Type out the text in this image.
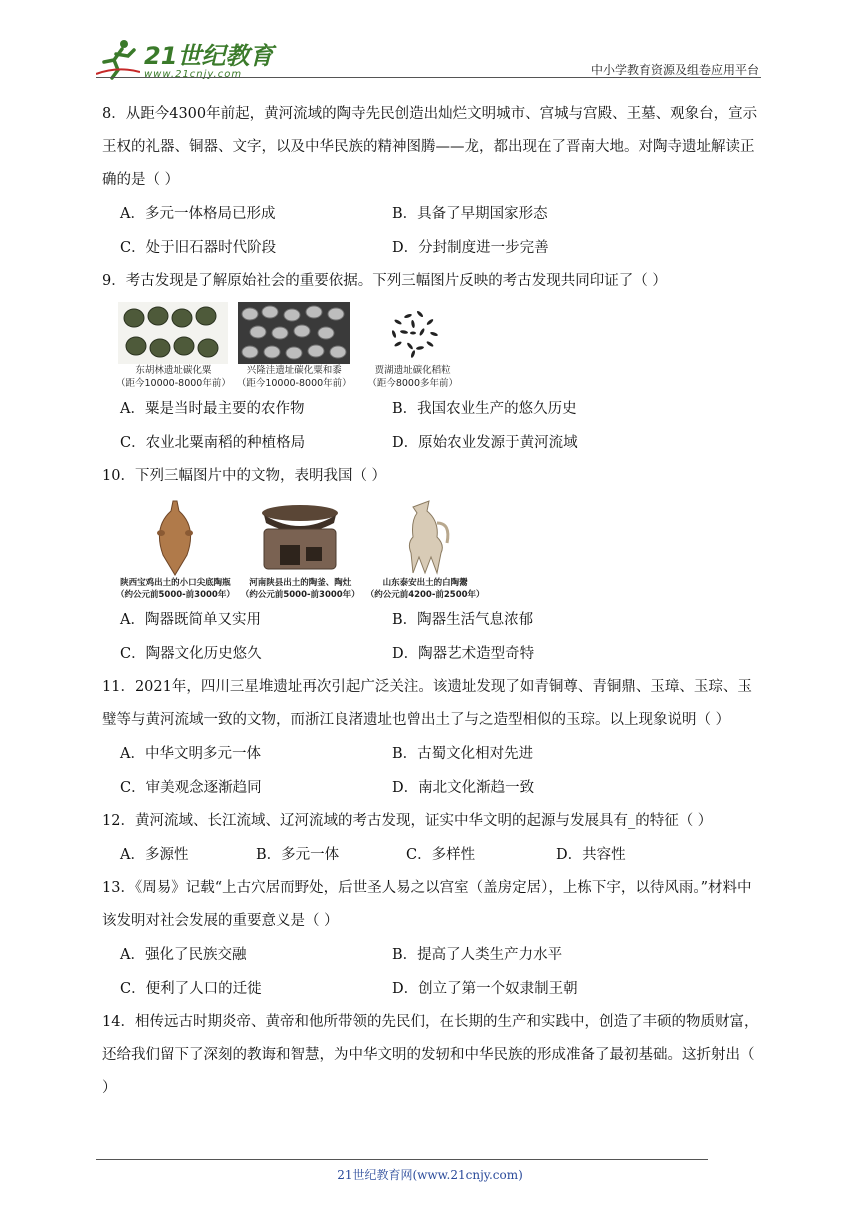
21世纪教育
www.21cnjy.com	中小学教育资源及组卷应用平台

8．从距今4300年前起，黄河流域的陶寺先民创造出灿烂文明城市、宫城与宫殿、王墓、观象台，宣示王权的礼器、铜器、文字，以及中华民族的精神图腾——龙，都出现在了晋南大地。对陶寺遗址解读正确的是（ ）

A．多元一体格局已形成	B．具备了早期国家形态
C．处于旧石器时代阶段	D．分封制度进一步完善

9．考古发现是了解原始社会的重要依据。下列三幅图片反映的考古发现共同印证了（ ）

东胡林遗址碳化粟
（距今10000-8000年前）
兴隆洼遗址碳化粟和黍
（距今10000-8000年前）
贾湖遗址碳化稻粒
（距今8000多年前）
A．粟是当时最主要的农作物	B．我国农业生产的悠久历史
C．农业北粟南稻的种植格局	D．原始农业发源于黄河流域

10．下列三幅图片中的文物，表明我国（ ）

陕西宝鸡出土的小口尖底陶瓶
（约公元前5000-前3000年）
河南陕县出土的陶釜、陶灶
（约公元前5000-前3000年）
山东泰安出土的白陶鬶
（约公元前4200-前2500年）
A．陶器既简单又实用	B．陶器生活气息浓郁
C．陶器文化历史悠久	D．陶器艺术造型奇特

11．2021年，四川三星堆遗址再次引起广泛关注。该遗址发现了如青铜尊、青铜鼎、玉璋、玉琮、玉璧等与黄河流域一致的文物，而浙江良渚遗址也曾出土了与之造型相似的玉琮。以上现象说明（ ）

A．中华文明多元一体	B．古蜀文化相对先进
C．审美观念逐渐趋同	D．南北文化渐趋一致

12．黄河流域、长江流域、辽河流域的考古发现，证实中华文明的起源与发展具有_的特征（ ）

A．多源性	B．多元一体	C．多样性	D．共容性

13．《周易》记载“上古穴居而野处，后世圣人易之以宫室（盖房定居），上栋下宇，以待风雨。”材料中该发明对社会发展的重要意义是（ ）

A．强化了民族交融	B．提高了人类生产力水平
C．便利了人口的迁徙	D．创立了第一个奴隶制王朝

14．相传远古时期炎帝、黄帝和他所带领的先民们，在长期的生产和实践中，创造了丰硕的物质财富，还给我们留下了深刻的教诲和智慧，为中华文明的发轫和中华民族的形成准备了最初基础。这折射出（ ）

21世纪教育网(www.21cnjy.com)
